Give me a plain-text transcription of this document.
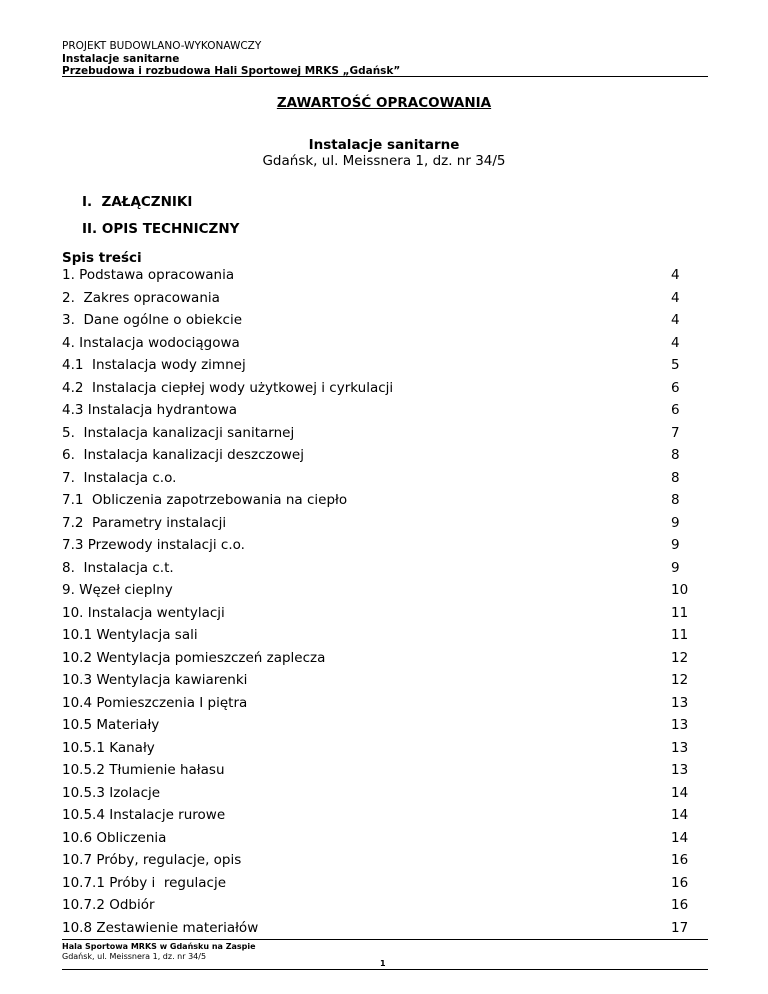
PROJEKT BUDOWLANO-WYKONAWCZY
Instalacje sanitarne
Przebudowa i rozbudowa Hali Sportowej MRKS „Gdańsk”
ZAWARTOŚĆ OPRACOWANIA
Instalacje sanitarne
Gdańsk, ul. Meissnera 1, dz. nr 34/5
I.  ZAŁĄCZNIKI
II. OPIS TECHNICZNY
Spis treści
1. Podstawa opracowania	4
2.  Zakres opracowania	4
3.  Dane ogólne o obiekcie	4
4. Instalacja wodociągowa	4
4.1  Instalacja wody zimnej	5
4.2  Instalacja ciepłej wody użytkowej i cyrkulacji	6
4.3 Instalacja hydrantowa	6
5.  Instalacja kanalizacji sanitarnej	7
6.  Instalacja kanalizacji deszczowej	8
7.  Instalacja c.o.	8
7.1  Obliczenia zapotrzebowania na ciepło	8
7.2  Parametry instalacji	9
7.3 Przewody instalacji c.o.	9
8.  Instalacja c.t.	9
9. Węzeł cieplny	10
10. Instalacja wentylacji	11
10.1 Wentylacja sali	11
10.2 Wentylacja pomieszczeń zaplecza	12
10.3 Wentylacja kawiarenki	12
10.4 Pomieszczenia I piętra	13
10.5 Materiały	13
10.5.1 Kanały	13
10.5.2 Tłumienie hałasu	13
10.5.3 Izolacje	14
10.5.4 Instalacje rurowe	14
10.6 Obliczenia	14
10.7 Próby, regulacje, opis	16
10.7.1 Próby i  regulacje	16
10.7.2 Odbiór	16
10.8 Zestawienie materiałów	17
Hala Sportowa MRKS w Gdańsku na Zaspie
Gdańsk, ul. Meissnera 1, dz. nr 34/5
1
